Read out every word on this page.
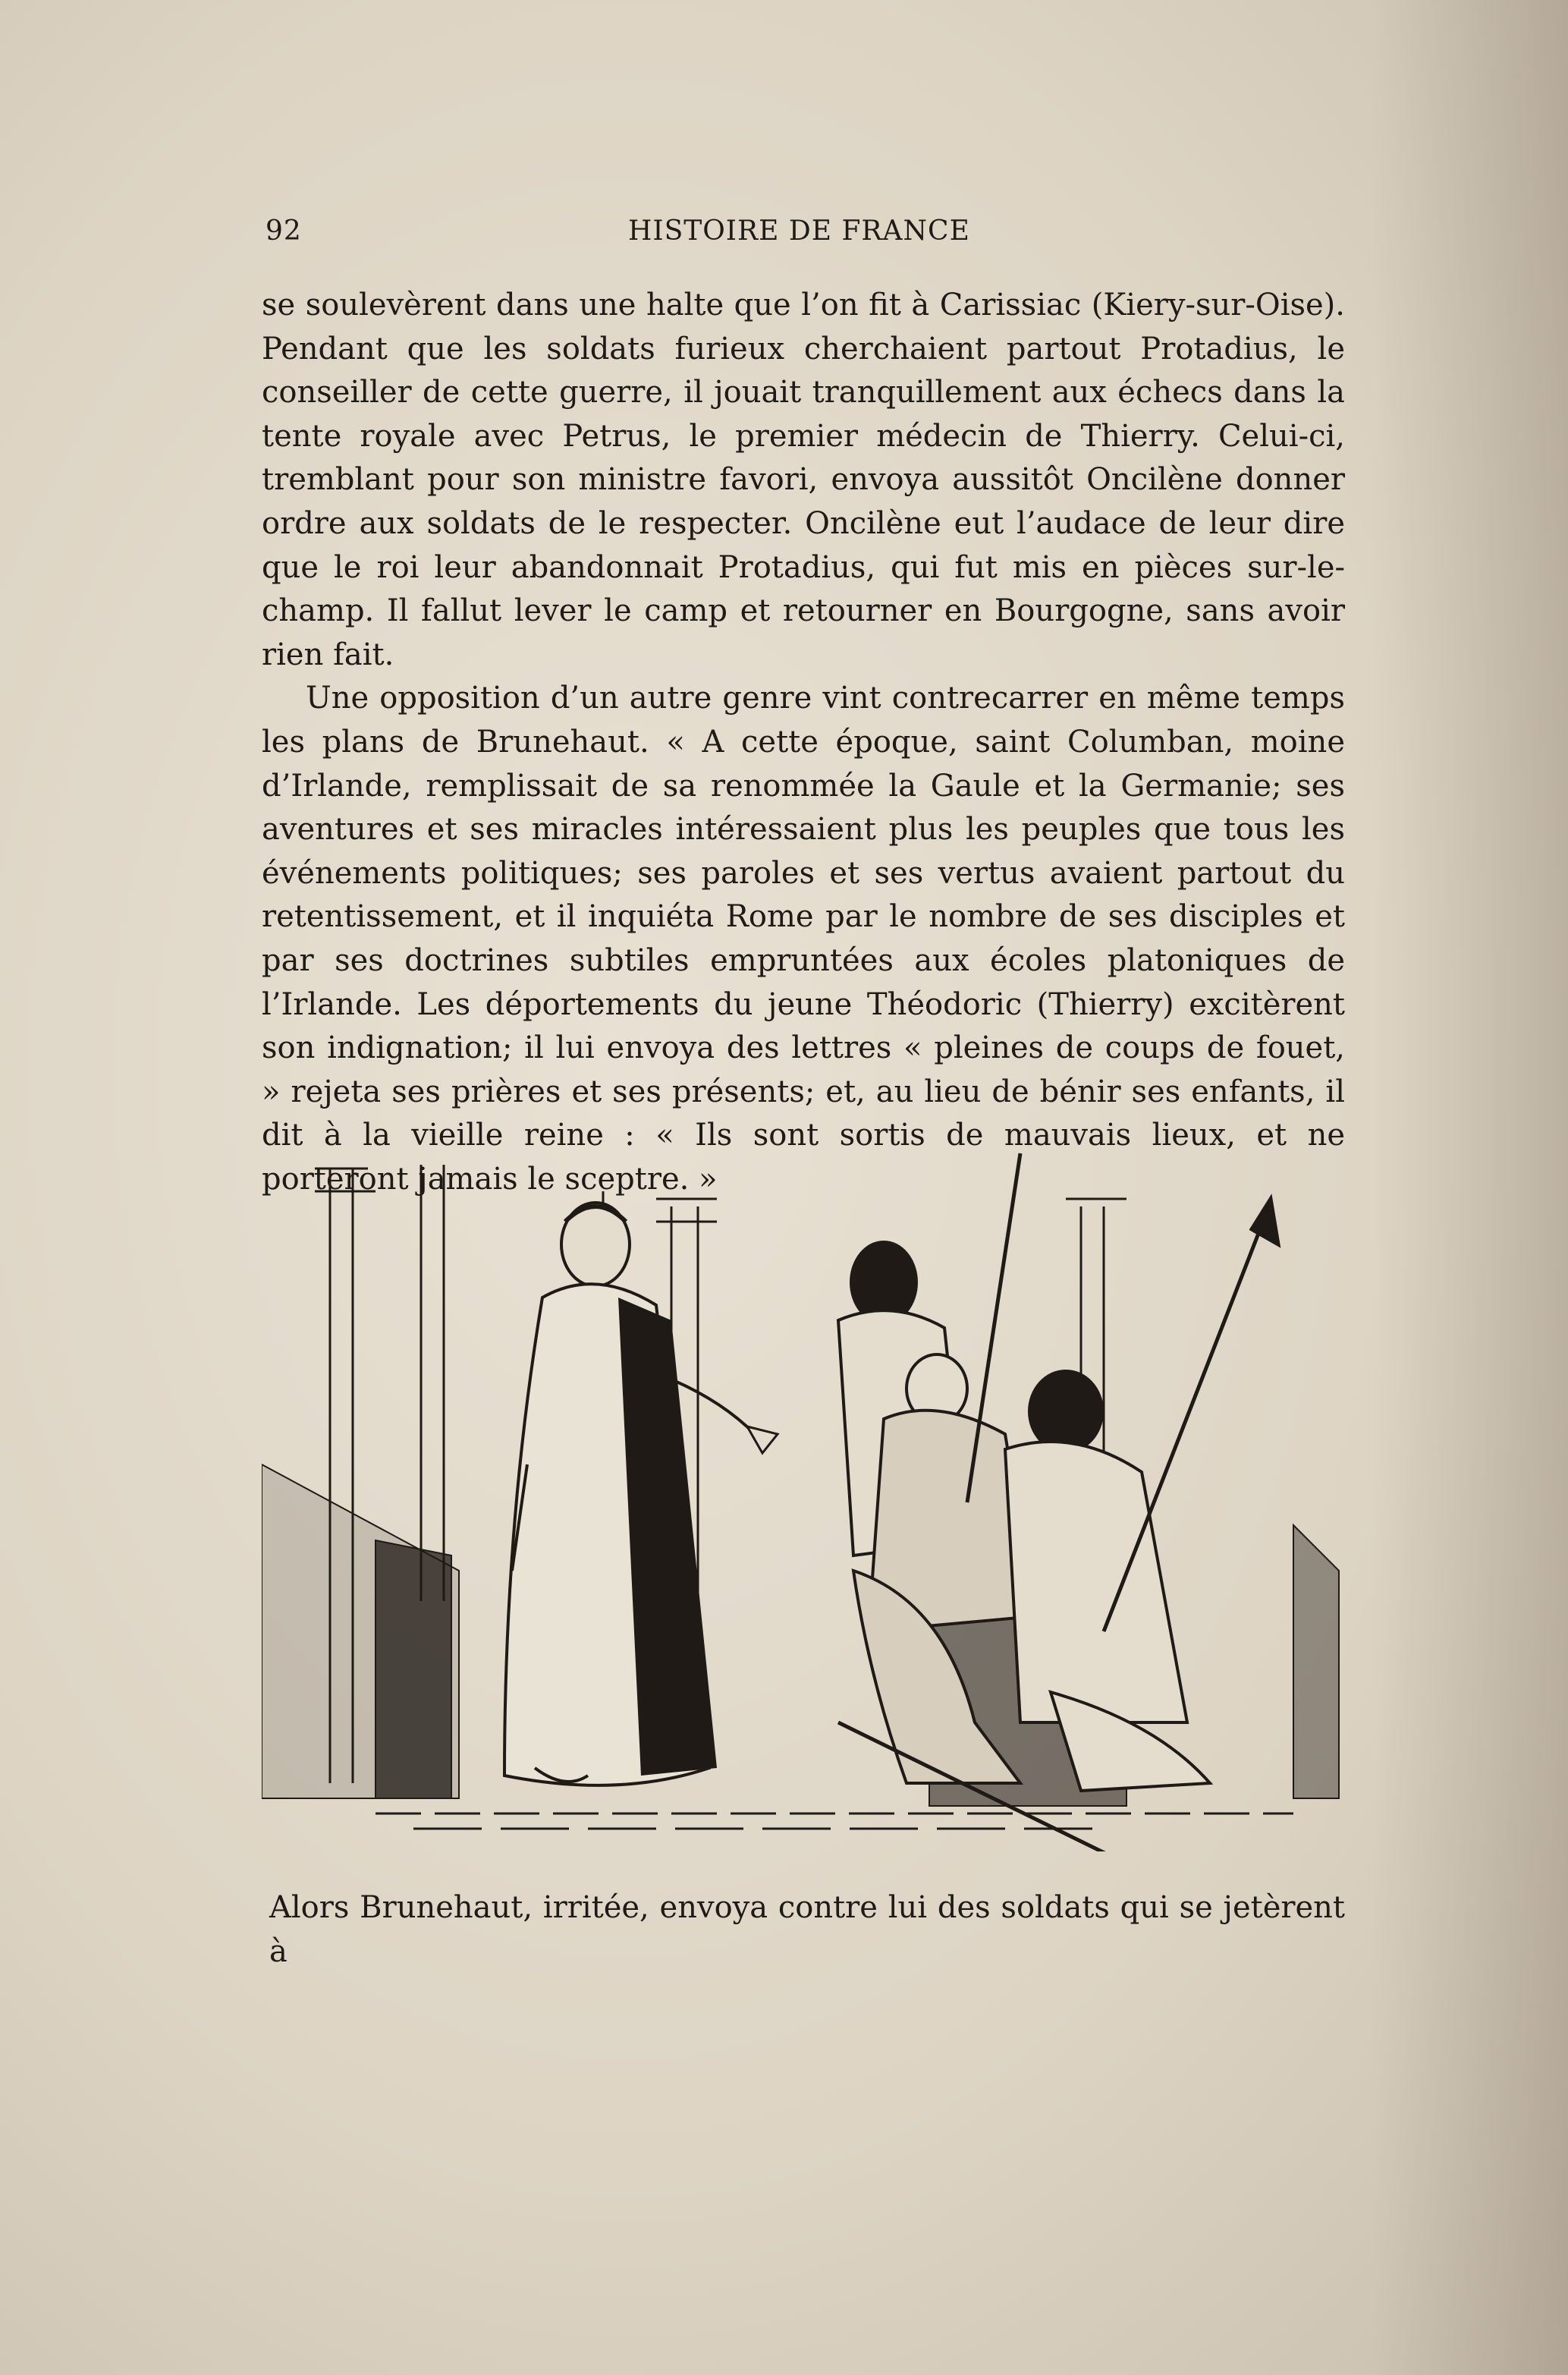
92	HISTOIRE DE FRANCE

se soulevèrent dans une halte que l’on fit à Carissiac (Kiery-sur-Oise). Pendant que les soldats furieux cherchaient partout Protadius, le conseiller de cette guerre, il jouait tranquillement aux échecs dans la tente royale avec Petrus, le premier médecin de Thierry. Celui-ci, tremblant pour son ministre favori, envoya aussitôt Oncilène donner ordre aux soldats de le respecter. Oncilène eut l’audace de leur dire que le roi leur abandonnait Protadius, qui fut mis en pièces sur-le-champ. Il fallut lever le camp et retourner en Bourgogne, sans avoir rien fait.

Une opposition d’un autre genre vint contrecarrer en même temps les plans de Brunehaut. « A cette époque, saint Columban, moine d’Irlande, remplissait de sa renommée la Gaule et la Germanie; ses aventures et ses miracles intéressaient plus les peuples que tous les événements politiques; ses paroles et ses vertus avaient partout du retentissement, et il inquiéta Rome par le nombre de ses disciples et par ses doctrines subtiles empruntées aux écoles platoniques de l’Irlande. Les déportements du jeune Théodoric (Thierry) excitèrent son indignation; il lui envoya des lettres « pleines de coups de fouet, » rejeta ses prières et ses présents; et, au lieu de bénir ses enfants, il dit à la vieille reine : « Ils sont sortis de mauvais lieux, et ne porteront jamais le sceptre. »

Alors Brunehaut, irritée, envoya contre lui des soldats qui se jetèrent à
